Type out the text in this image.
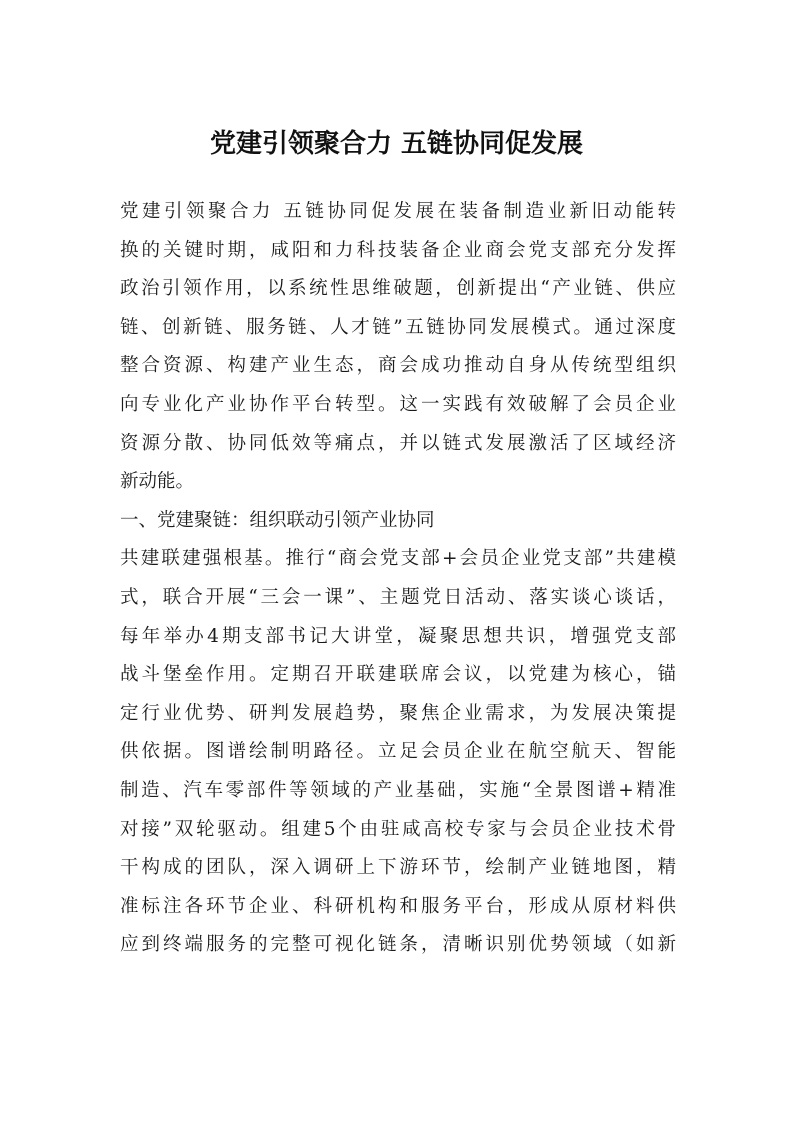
党建引领聚合力 五链协同促发展
党建引领聚合力 五链协同促发展在装备制造业新旧动能转
换的关键时期，咸阳和力科技装备企业商会党支部充分发挥
政治引领作用，以系统性思维破题，创新提出“产业链、供应
链、创新链、服务链、人才链”五链协同发展模式。通过深度
整合资源、构建产业生态，商会成功推动自身从传统型组织
向专业化产业协作平台转型。这一实践有效破解了会员企业
资源分散、协同低效等痛点，并以链式发展激活了区域经济
新动能。
一、党建聚链：组织联动引领产业协同
共建联建强根基。推行“商会党支部+会员企业党支部”共建模
式，联合开展“三会一课”、主题党日活动、落实谈心谈话，
每年举办4期支部书记大讲堂，凝聚思想共识，增强党支部
战斗堡垒作用。定期召开联建联席会议，以党建为核心，锚
定行业优势、研判发展趋势，聚焦企业需求，为发展决策提
供依据。图谱绘制明路径。立足会员企业在航空航天、智能
制造、汽车零部件等领域的产业基础，实施“全景图谱+精准
对接”双轮驱动。组建5个由驻咸高校专家与会员企业技术骨
干构成的团队，深入调研上下游环节，绘制产业链地图，精
准标注各环节企业、科研机构和服务平台，形成从原材料供
应到终端服务的完整可视化链条，清晰识别优势领域（如新
